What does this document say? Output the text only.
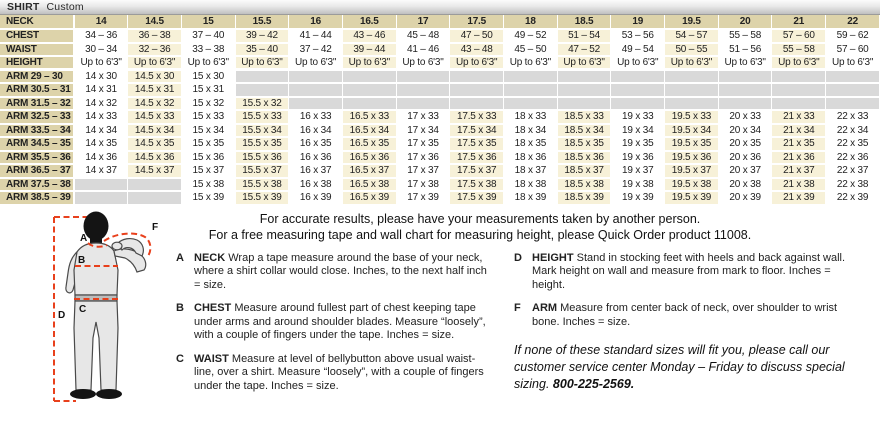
SHIRT Custom
NECK	14	14.5	15	15.5	16	16.5	17	17.5	18	18.5	19	19.5	20	21	22
CHEST	34 – 36	36 – 38	37 – 40	39 – 42	41 – 44	43 – 46	45 – 48	47 – 50	49 – 52	51 – 54	53 – 56	54 – 57	55 – 58	57 – 60	59 – 62
WAIST	30 – 34	32 – 36	33 – 38	35 – 40	37 – 42	39 – 44	41 – 46	43 – 48	45 – 50	47 – 52	49 – 54	50 – 55	51 – 56	55 – 58	57 – 60
HEIGHT	Up to 6'3"	Up to 6'3"	Up to 6'3"	Up to 6'3"	Up to 6'3"	Up to 6'3"	Up to 6'3"	Up to 6'3"	Up to 6'3"	Up to 6'3"	Up to 6'3"	Up to 6'3"	Up to 6'3"	Up to 6'3"	Up to 6'3"
ARM 29 – 30	14 x 30	14.5 x 30	15 x 30												
ARM 30.5 – 31	14 x 31	14.5 x 31	15 x 31												
ARM 31.5 – 32	14 x 32	14.5 x 32	15 x 32	15.5 x 32											
ARM 32.5 – 33	14 x 33	14.5 x 33	15 x 33	15.5 x 33	16 x 33	16.5 x 33	17 x 33	17.5 x 33	18 x 33	18.5 x 33	19 x 33	19.5 x 33	20 x 33	21 x 33	22 x 33
ARM 33.5 – 34	14 x 34	14.5 x 34	15 x 34	15.5 x 34	16 x 34	16.5 x 34	17 x 34	17.5 x 34	18 x 34	18.5 x 34	19 x 34	19.5 x 34	20 x 34	21 x 34	22 x 34
ARM 34.5 – 35	14 x 35	14.5 x 35	15 x 35	15.5 x 35	16 x 35	16.5 x 35	17 x 35	17.5 x 35	18 x 35	18.5 x 35	19 x 35	19.5 x 35	20 x 35	21 x 35	22 x 35
ARM 35.5 – 36	14 x 36	14.5 x 36	15 x 36	15.5 x 36	16 x 36	16.5 x 36	17 x 36	17.5 x 36	18 x 36	18.5 x 36	19 x 36	19.5 x 36	20 x 36	21 x 36	22 x 36
ARM 36.5 – 37	14 x 37	14.5 x 37	15 x 37	15.5 x 37	16 x 37	16.5 x 37	17 x 37	17.5 x 37	18 x 37	18.5 x 37	19 x 37	19.5 x 37	20 x 37	21 x 37	22 x 37
ARM 37.5 – 38			15 x 38	15.5 x 38	16 x 38	16.5 x 38	17 x 38	17.5 x 38	18 x 38	18.5 x 38	19 x 38	19.5 x 38	20 x 38	21 x 38	22 x 38
ARM 38.5 – 39			15 x 39	15.5 x 39	16 x 39	16.5 x 39	17 x 39	17.5 x 39	18 x 39	18.5 x 39	19 x 39	19.5 x 39	20 x 39	21 x 39	22 x 39
A
B
C
D
F
For accurate results, please have your measurements taken by another person.
For a free measuring tape and wall chart for measuring height, please Quick Order product 11008.
A NECK Wrap a tape measure around the base of your neck, where a shirt collar would close. Inches, to the next half inch = size.
B CHEST Measure around fullest part of chest keeping tape under arms and around shoulder blades. Measure “loosely”, with a couple of fingers under the tape. Inches = size.
C WAIST Measure at level of bellybutton above usual waist-line, over a shirt. Measure “loosely”, with a couple of fingers under the tape. Inches = size.
D HEIGHT Stand in stocking feet with heels and back against wall. Mark height on wall and measure from mark to floor. Inches = height.
F	ARM Measure from center back of neck, over shoulder to wrist bone. Inches = size.

If none of these standard sizes will fit you, please call our customer service center Monday – Friday to discuss special sizing. 800-225-2569.
